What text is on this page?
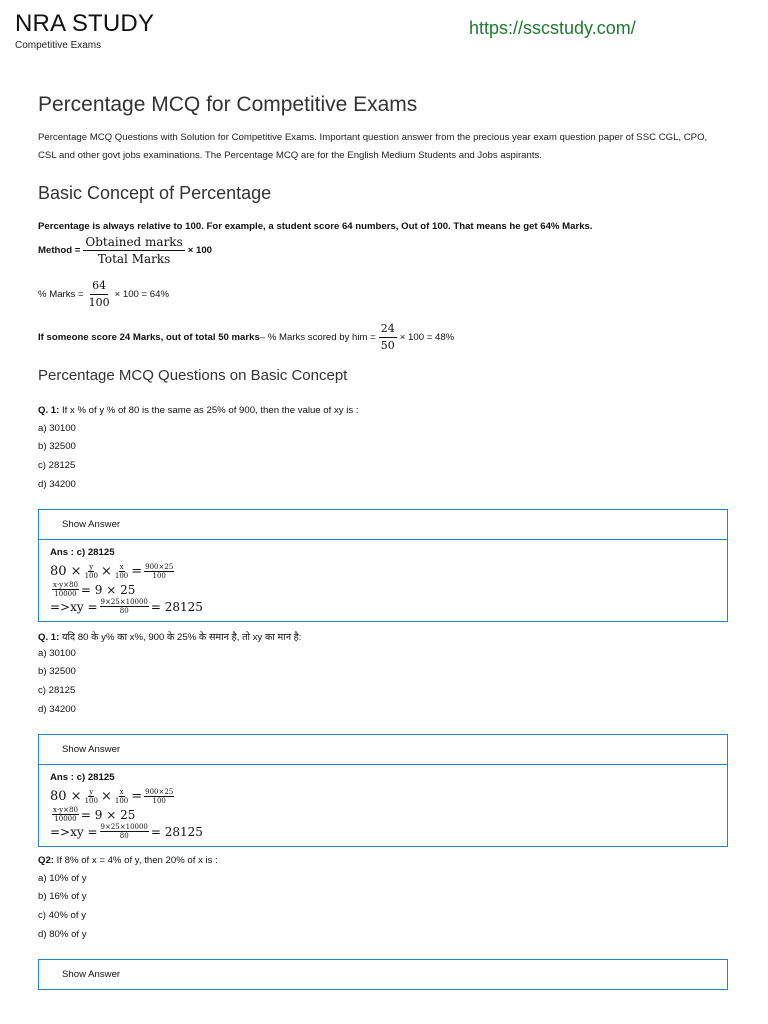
NRA STUDY
Competitive Exams
https://sscstudy.com/
Percentage MCQ for Competitive Exams

Percentage MCQ Questions with Solution for Competitive Exams. Important question answer from the precious year exam question paper of SSC CGL, CPO, CSL and other govt jobs examinations. The Percentage MCQ are for the English Medium Students and Jobs aspirants.

Basic Concept of Percentage
Percentage is always relative to 100. For example, a student score 64 numbers, Out of 100. That means he get 64% Marks.
Method = $\frac{\text{Obtained marks}}{\text{Total Marks}} \times 100$
% Marks = $\frac{64}{100} \times 100 = 64\%$
If someone score 24 Marks, out of total 50 marks – % Marks scored by him = $\frac{24}{50} \times 100 = 48\%$
Percentage MCQ Questions on Basic Concept
Q. 1: If x % of y % of 80 is the same as 25% of 900, then the value of xy is :
a) 30100
b) 32500
c) 28125
d) 34200
Show Answer
Ans : c) 28125
$80 \times \frac{y}{100} \times \frac{x}{100} = \frac{900\times 25}{100}$
$\frac{x\cdot y\times 80}{10000} = 9 \times 25$
$=>xy = \frac{9\times 25\times 10000}{80} = 28125$
Q. 1: यदि 80 के y% का x%, 900 के 25% के समान है, तो xy का मान है:
a) 30100
b) 32500
c) 28125
d) 34200
Show Answer
Ans : c) 28125
$80 \times \frac{y}{100} \times \frac{x}{100} = \frac{900\times 25}{100}$
$\frac{x\cdot y\times 80}{10000} = 9 \times 25$
$=>xy = \frac{9\times 25\times 10000}{80} = 28125$
Q2: If 8% of x = 4% of y, then 20% of x is :
a) 10% of y
b) 16% of y
c) 40% of y
d) 80% of y
Show Answer
